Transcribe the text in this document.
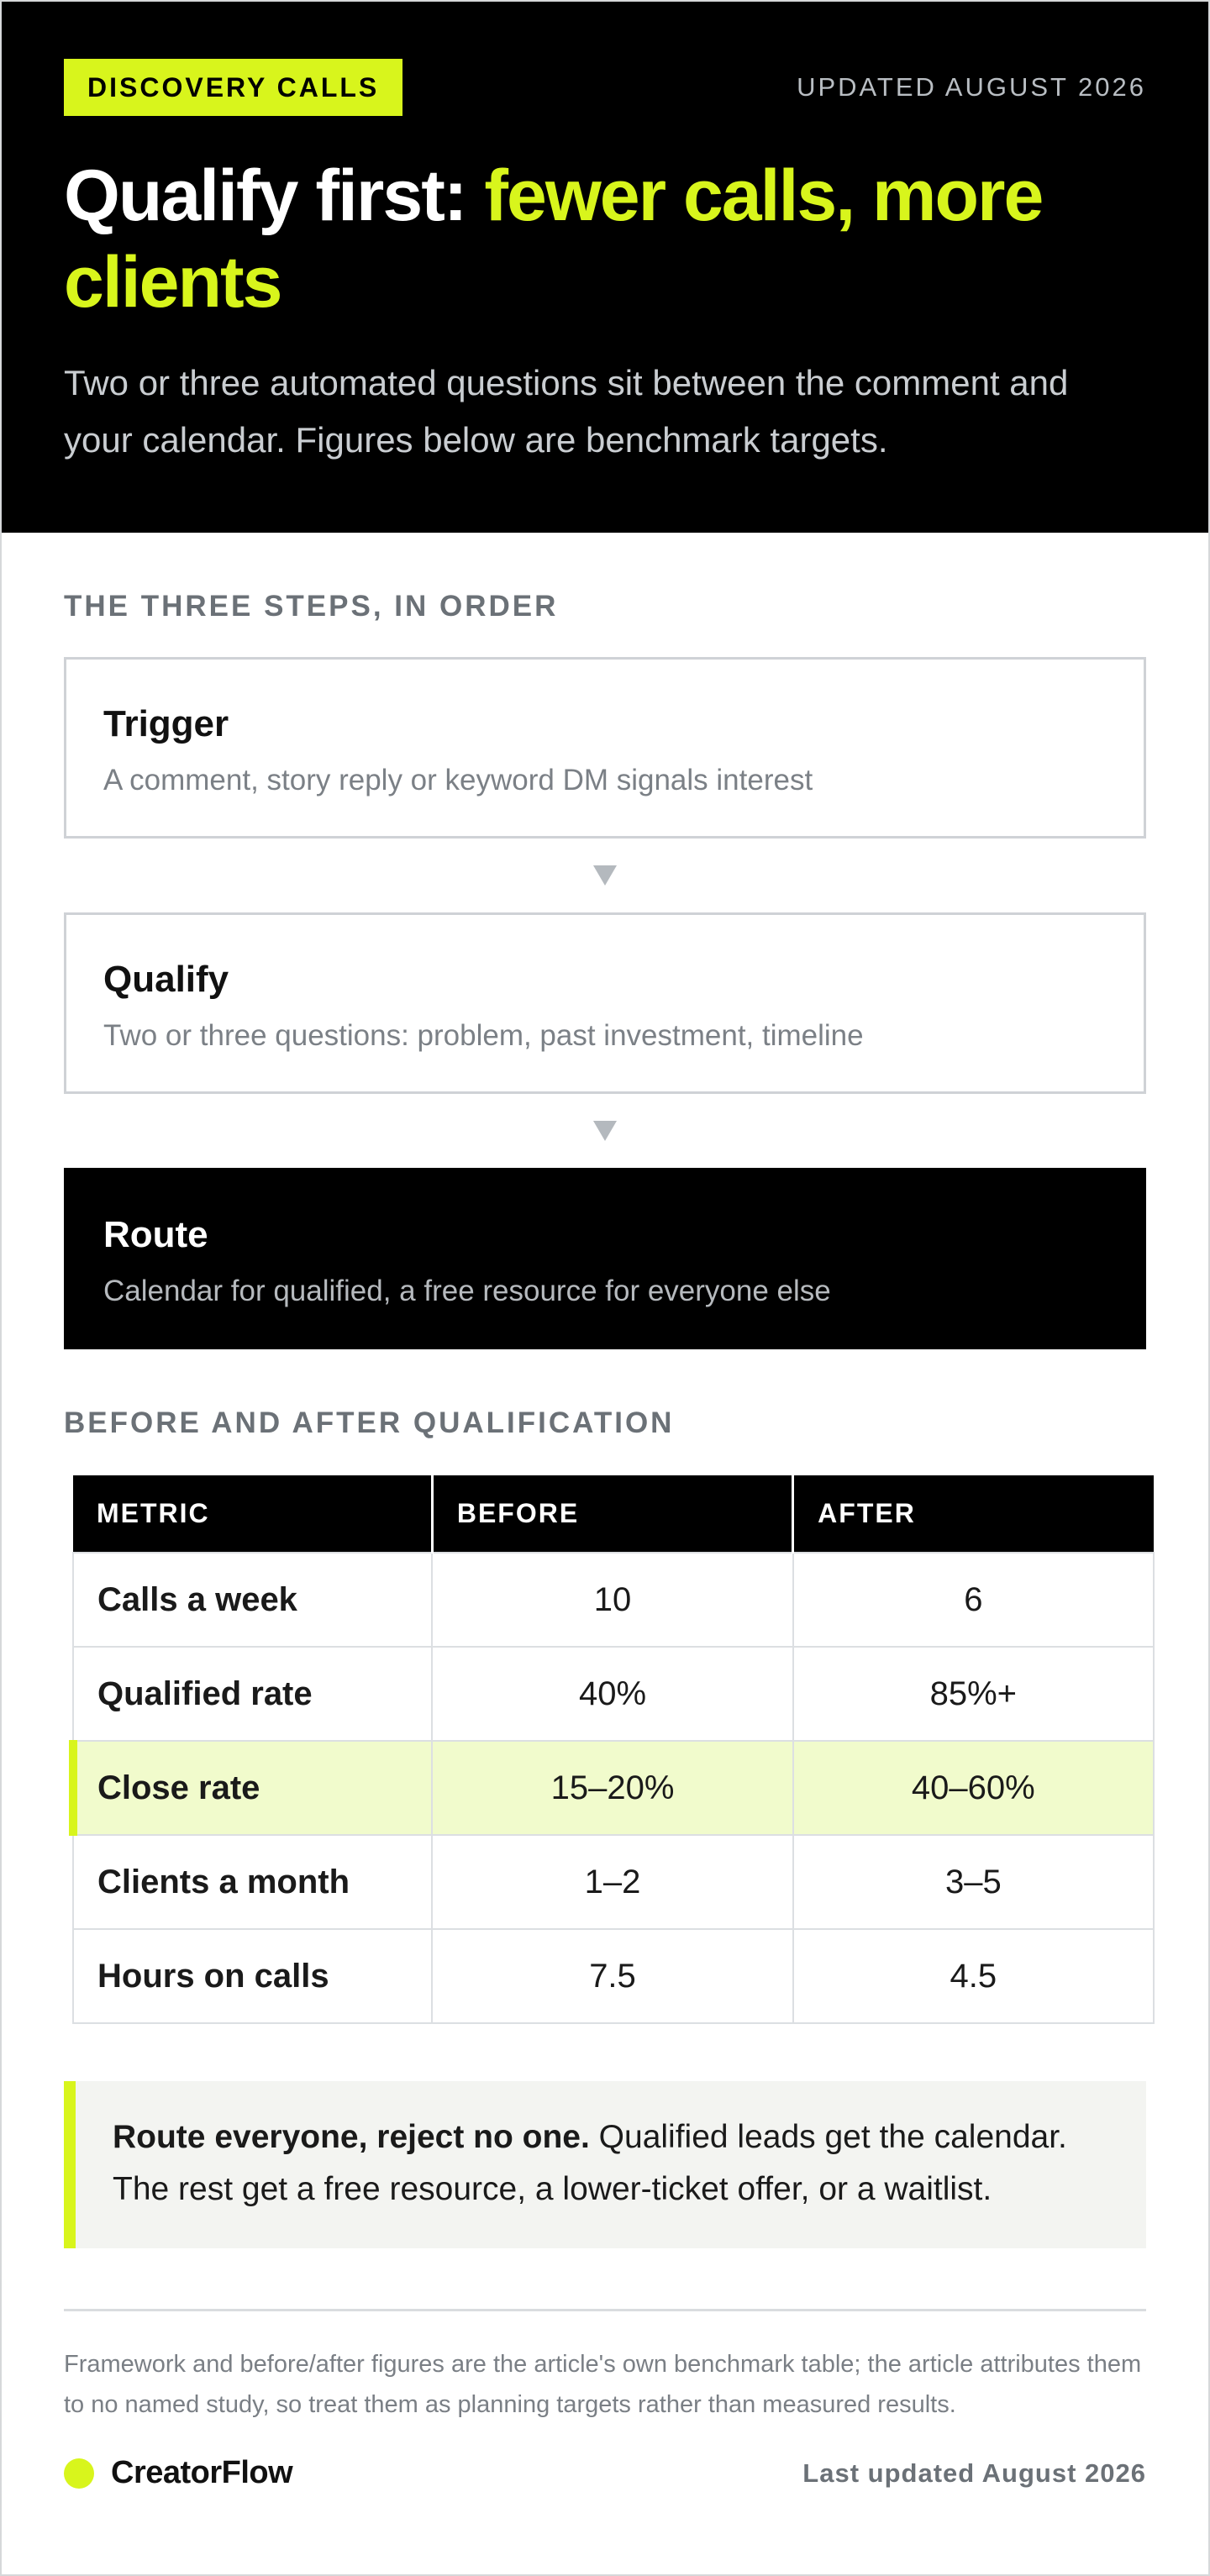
DISCOVERY CALLS	UPDATED AUGUST 2026
Qualify first: fewer calls, more clients

Two or three automated questions sit between the comment and your calendar. Figures below are benchmark targets.

THE THREE STEPS, IN ORDER
Trigger
A comment, story reply or keyword DM signals interest
Qualify
Two or three questions: problem, past investment, timeline
Route
Calendar for qualified, a free resource for everyone else
BEFORE AND AFTER QUALIFICATION
METRIC	BEFORE	AFTER
Calls a week	10	6
Qualified rate	40%	85%+
Close rate	15–20%	40–60%
Clients a month	1–2	3–5
Hours on calls	7.5	4.5
Route everyone, reject no one. Qualified leads get the calendar. The rest get a free resource, a lower-ticket offer, or a waitlist.

Framework and before/after figures are the article's own benchmark table; the article attributes them to no named study, so treat them as planning targets rather than measured results.

CreatorFlow	Last updated August 2026
